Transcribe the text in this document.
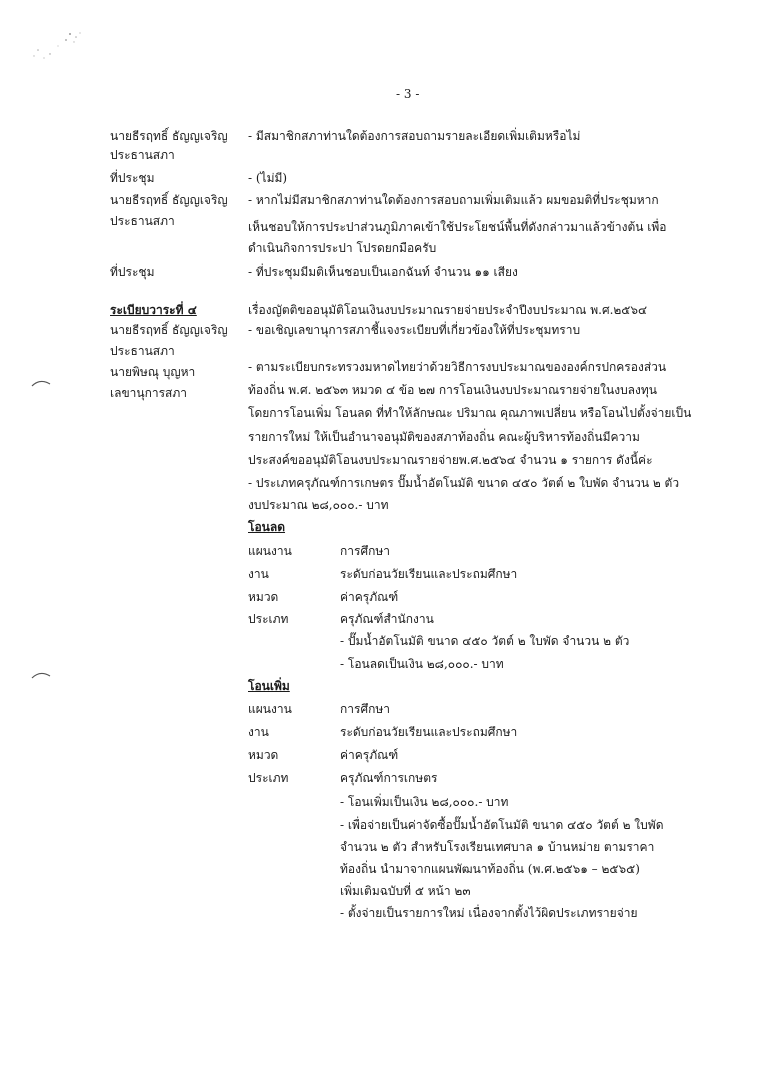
- 3 -
นายธีรฤทธิ์ ธัญญเจริญ - มีสมาชิกสภาท่านใดต้องการสอบถามรายละเอียดเพิ่มเติมหรือไม่
ประธานสภา
ที่ประชุม	- (ไม่มี)
นายธีรฤทธิ์ ธัญญเจริญ - หากไม่มีสมาชิกสภาท่านใดต้องการสอบถามเพิ่มเติมแล้ว ผมขอมติที่ประชุมหาก
ประธานสภา	เห็นชอบให้การประปาส่วนภูมิภาคเข้าใช้ประโยชน์พื้นที่ดังกล่าวมาแล้วข้างต้น เพื่อ
ดำเนินกิจการประปา โปรดยกมือครับ
ที่ประชุม	- ที่ประชุมมีมติเห็นชอบเป็นเอกฉันท์ จำนวน ๑๑ เสียง
ระเบียบวาระที่ ๔	เรื่องญัตติขออนุมัติโอนเงินงบประมาณรายจ่ายประจำปีงบประมาณ พ.ศ.๒๕๖๔
นายธีรฤทธิ์ ธัญญเจริญ - ขอเชิญเลขานุการสภาชี้แจงระเบียบที่เกี่ยวข้องให้ที่ประชุมทราบ
ประธานสภา
นายพิษณุ บุญหา	- ตามระเบียบกระทรวงมหาดไทยว่าด้วยวิธีการงบประมาณขององค์กรปกครองส่วน
เลขานุการสภา	ท้องถิ่น พ.ศ. ๒๕๖๓ หมวด ๔ ข้อ ๒๗ การโอนเงินงบประมาณรายจ่ายในงบลงทุน
โดยการโอนเพิ่ม โอนลด ที่ทำให้ลักษณะ ปริมาณ คุณภาพเปลี่ยน หรือโอนไปตั้งจ่ายเป็น
รายการใหม่ ให้เป็นอำนาจอนุมัติของสภาท้องถิ่น คณะผู้บริหารท้องถิ่นมีความ
ประสงค์ขออนุมัติโอนงบประมาณรายจ่ายพ.ศ.๒๕๖๔ จำนวน ๑ รายการ ดังนี้ค่ะ
- ประเภทครุภัณฑ์การเกษตร ปั๊มน้ำอัตโนมัติ ขนาด ๔๕๐ วัตต์ ๒ ใบพัด จำนวน ๒ ตัว
งบประมาณ ๒๘,๐๐๐.- บาท
โอนลด
แผนงาน	การศึกษา
งาน	ระดับก่อนวัยเรียนและประถมศึกษา
หมวด	ค่าครุภัณฑ์
ประเภท	ครุภัณฑ์สำนักงาน
- ปั๊มน้ำอัตโนมัติ ขนาด ๔๕๐ วัตต์ ๒ ใบพัด จำนวน ๒ ตัว
- โอนลดเป็นเงิน ๒๘,๐๐๐.- บาท
โอนเพิ่ม
แผนงาน	การศึกษา
งาน	ระดับก่อนวัยเรียนและประถมศึกษา
หมวด	ค่าครุภัณฑ์
ประเภท	ครุภัณฑ์การเกษตร
- โอนเพิ่มเป็นเงิน ๒๘,๐๐๐.- บาท
- เพื่อจ่ายเป็นค่าจัดซื้อปั๊มน้ำอัตโนมัติ ขนาด ๔๕๐ วัตต์ ๒ ใบพัด
จำนวน ๒ ตัว สำหรับโรงเรียนเทศบาล ๑ บ้านหม่าย ตามราคา
ท้องถิ่น นำมาจากแผนพัฒนาท้องถิ่น (พ.ศ.๒๕๖๑ – ๒๕๖๕)
เพิ่มเติมฉบับที่ ๕ หน้า ๒๓
- ตั้งจ่ายเป็นรายการใหม่ เนื่องจากตั้งไว้ผิดประเภทรายจ่าย
